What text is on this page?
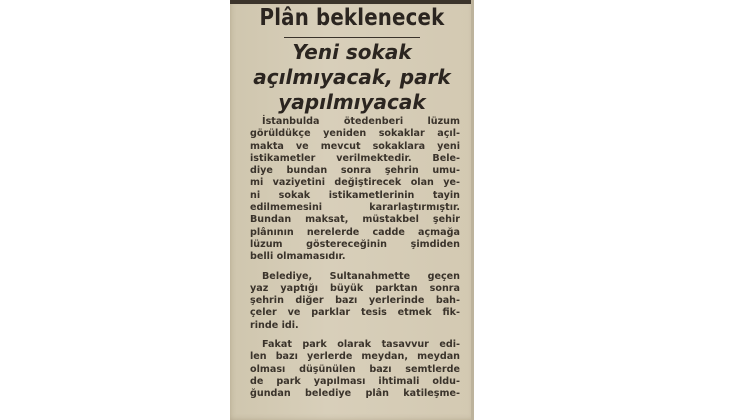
Plân beklenecek
Yeni sokak
açılmıyacak, park
yapılmıyacak
İstanbulda ötedenberi lüzum
görüldükçe yeniden sokaklar açıl-
makta ve mevcut sokaklara yeni
istikametler verilmektedir. Bele-
diye bundan sonra şehrin umu-
mi vaziyetini değiştirecek olan ye-
ni sokak istikametlerinin tayin
edilmemesini kararlaştırmıştır.
Bundan maksat, müstakbel şehir
plânının nerelerde cadde açmağa
lüzum göstereceğinin şimdiden
belli olmamasıdır.
Belediye, Sultanahmette geçen
yaz yaptığı büyük parktan sonra
şehrin diğer bazı yerlerinde bah-
çeler ve parklar tesis etmek fik-
rinde idi.
Fakat park olarak tasavvur edi-
len bazı yerlerde meydan, meydan
olması düşünülen bazı semtlerde
de park yapılması ihtimali oldu-
ğundan belediye plân katileşme-
